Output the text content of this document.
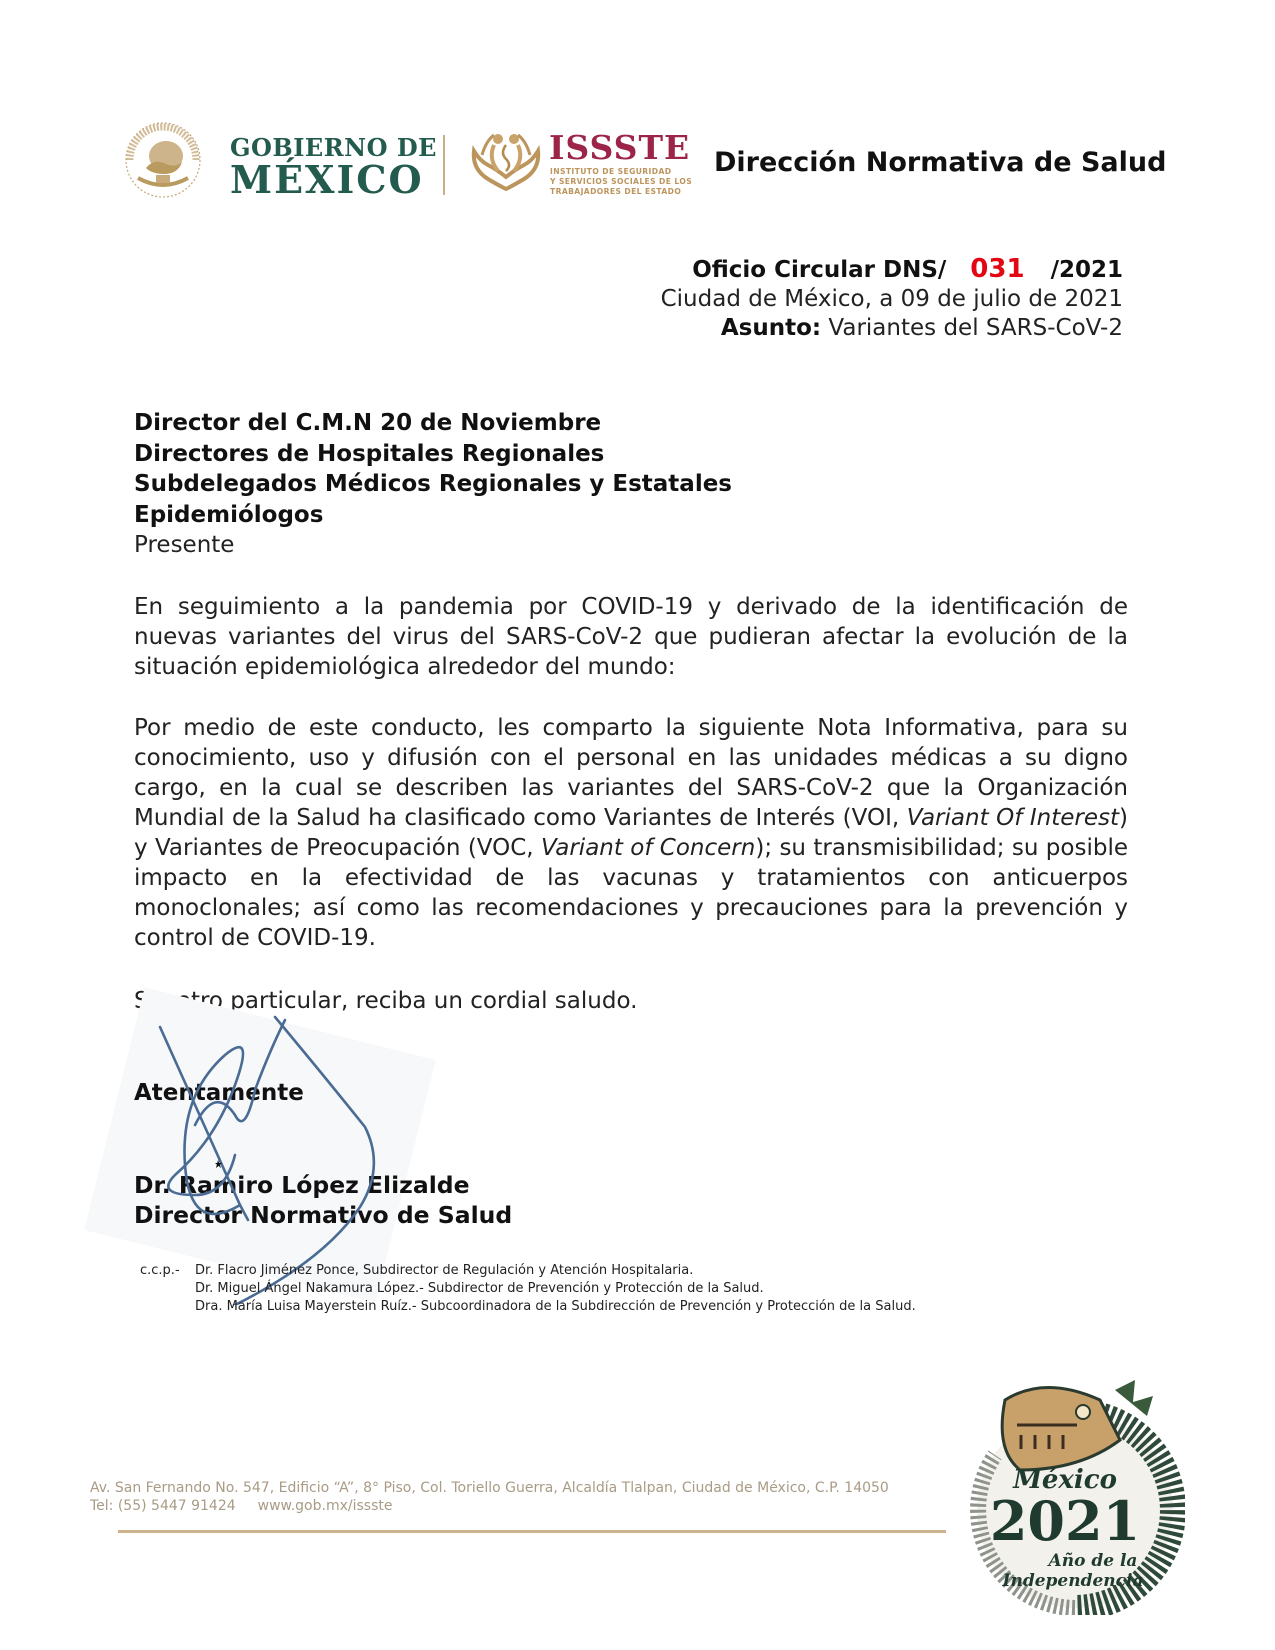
GOBIERNO DE
MÉXICO
ISSSTE
INSTITUTO DE SEGURIDAD
Y SERVICIOS SOCIALES DE LOS
TRABAJADORES DEL ESTADO
Dirección Normativa de Salud
Oficio Circular DNS/ 031 /2021
Ciudad de México, a 09 de julio de 2021
Asunto: Variantes del SARS-CoV-2
Director del C.M.N 20 de Noviembre
Directores de Hospitales Regionales
Subdelegados Médicos Regionales y Estatales
Epidemiólogos
Presente
En seguimiento a la pandemia por COVID-19 y derivado de la identificación de nuevas variantes del virus del SARS-CoV-2 que pudieran afectar la evolución de la situación epidemiológica alrededor del mundo:
Por medio de este conducto, les comparto la siguiente Nota Informativa, para su conocimiento, uso y difusión con el personal en las unidades médicas a su digno cargo, en la cual se describen las variantes del SARS-CoV-2 que la Organización Mundial de la Salud ha clasificado como Variantes de Interés (VOI, Variant Of Interest) y Variantes de Preocupación (VOC, Variant of Concern); su transmisibilidad; su posible impacto en la efectividad de las vacunas y tratamientos con anticuerpos monoclonales; así como las recomendaciones y precauciones para la prevención y control de COVID-19.
Sin otro particular, reciba un cordial saludo.
Atentamente
Dr. Ramiro López Elizalde
Director Normativo de Salud
c.c.p.- Dr. Flacro Jiménez Ponce, Subdirector de Regulación y Atención Hospitalaria.
Dr. Miguel Ángel Nakamura López.- Subdirector de Prevención y Protección de la Salud.
Dra. María Luisa Mayerstein Ruíz.- Subcoordinadora de la Subdirección de Prevención y Protección de la Salud.
Av. San Fernando No. 547, Edificio “A”, 8° Piso, Col. Toriello Guerra, Alcaldía Tlalpan, Ciudad de México, C.P. 14050
Tel: (55) 5447 91424 www.gob.mx/issste
México
2021
Año de la
Independencia
